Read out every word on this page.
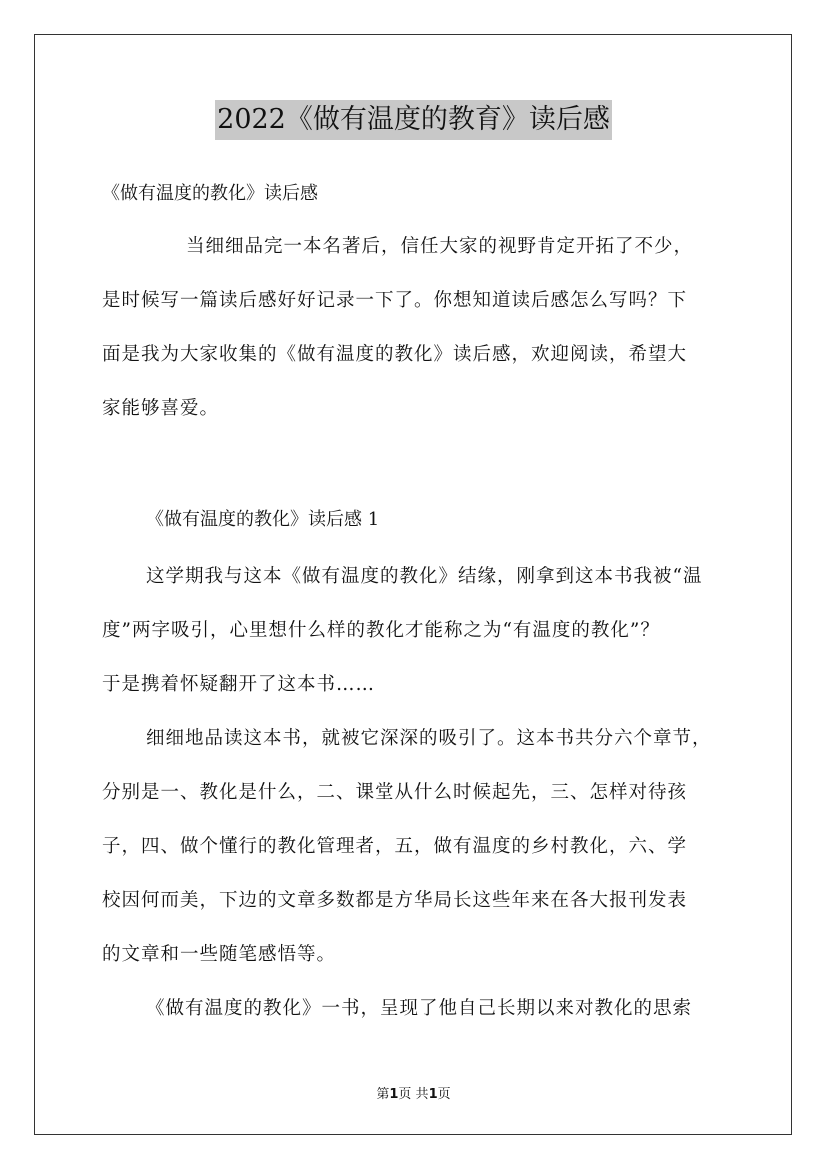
2022《做有温度的教育》读后感
《做有温度的教化》读后感
当细细品完一本名著后，信任大家的视野肯定开拓了不少，
是时候写一篇读后感好好记录一下了。你想知道读后感怎么写吗？下
面是我为大家收集的《做有温度的教化》读后感，欢迎阅读，希望大
家能够喜爱。
《做有温度的教化》读后感 1
这学期我与这本《做有温度的教化》结缘，刚拿到这本书我被“温
度”两字吸引，心里想什么样的教化才能称之为“有温度的教化”？
于是携着怀疑翻开了这本书……
细细地品读这本书，就被它深深的吸引了。这本书共分六个章节，
分别是一、教化是什么，二、课堂从什么时候起先，三、怎样对待孩
子，四、做个懂行的教化管理者，五，做有温度的乡村教化，六、学
校因何而美，下边的文章多数都是方华局长这些年来在各大报刊发表
的文章和一些随笔感悟等。
《做有温度的教化》一书，呈现了他自己长期以来对教化的思索
第1页 共1页
